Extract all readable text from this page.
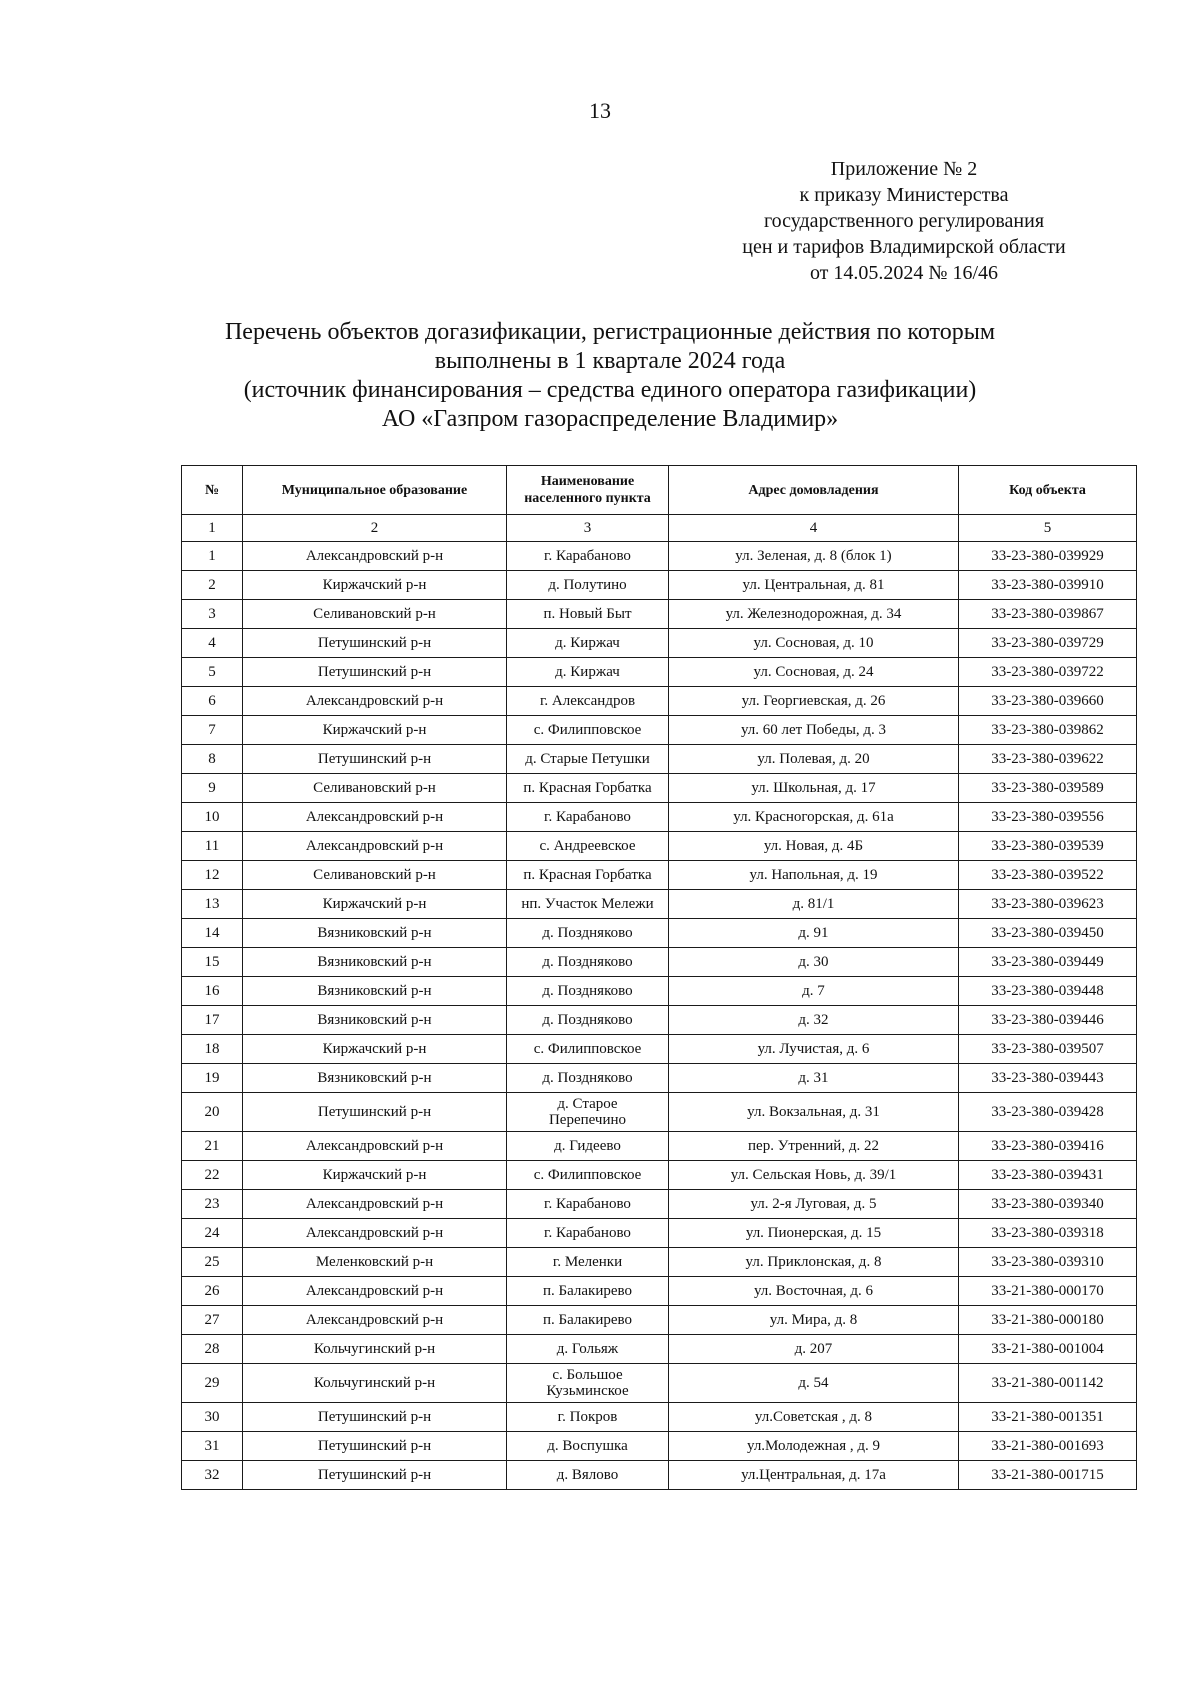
13
Приложение № 2
к приказу Министерства
государственного регулирования
цен и тарифов Владимирской области
от 14.05.2024 № 16/46
Перечень объектов догазификации, регистрационные действия по которым
выполнены в 1 квартале 2024 года
(источник финансирования – средства единого оператора газификации)
АО «Газпром газораспределение Владимир»
№	Муниципальное образование	Наименование населенного пункта	Адрес домовладения	Код объекта
1	2	3	4	5
1	Александровский р-н	г. Карабаново	ул. Зеленая, д. 8 (блок 1)	33-23-380-039929
2	Киржачский р-н	д. Полутино	ул. Центральная, д. 81	33-23-380-039910
3	Селивановский р-н	п. Новый Быт	ул. Железнодорожная, д. 34	33-23-380-039867
4	Петушинский р-н	д. Киржач	ул. Сосновая, д. 10	33-23-380-039729
5	Петушинский р-н	д. Киржач	ул. Сосновая, д. 24	33-23-380-039722
6	Александровский р-н	г. Александров	ул. Георгиевская, д. 26	33-23-380-039660
7	Киржачский р-н	с. Филипповское	ул. 60 лет Победы, д. 3	33-23-380-039862
8	Петушинский р-н	д. Старые Петушки	ул. Полевая, д. 20	33-23-380-039622
9	Селивановский р-н	п. Красная Горбатка	ул. Школьная, д. 17	33-23-380-039589
10	Александровский р-н	г. Карабаново	ул. Красногорская, д. 61а	33-23-380-039556
11	Александровский р-н	с. Андреевское	ул. Новая, д. 4Б	33-23-380-039539
12	Селивановский р-н	п. Красная Горбатка	ул. Напольная, д. 19	33-23-380-039522
13	Киржачский р-н	нп. Участок Мележи	д. 81/1	33-23-380-039623
14	Вязниковский р-н	д. Поздняково	д. 91	33-23-380-039450
15	Вязниковский р-н	д. Поздняково	д. 30	33-23-380-039449
16	Вязниковский р-н	д. Поздняково	д. 7	33-23-380-039448
17	Вязниковский р-н	д. Поздняково	д. 32	33-23-380-039446
18	Киржачский р-н	с. Филипповское	ул. Лучистая, д. 6	33-23-380-039507
19	Вязниковский р-н	д. Поздняково	д. 31	33-23-380-039443
20	Петушинский р-н	д. Старое Перепечино	ул. Вокзальная, д. 31	33-23-380-039428
21	Александровский р-н	д. Гидеево	пер. Утренний, д. 22	33-23-380-039416
22	Киржачский р-н	с. Филипповское	ул. Сельская Новь, д. 39/1	33-23-380-039431
23	Александровский р-н	г. Карабаново	ул. 2-я Луговая, д. 5	33-23-380-039340
24	Александровский р-н	г. Карабаново	ул. Пионерская, д. 15	33-23-380-039318
25	Меленковский р-н	г. Меленки	ул. Приклонская, д. 8	33-23-380-039310
26	Александровский р-н	п. Балакирево	ул. Восточная, д. 6	33-21-380-000170
27	Александровский р-н	п. Балакирево	ул. Мира, д. 8	33-21-380-000180
28	Кольчугинский р-н	д. Гольяж	д. 207	33-21-380-001004
29	Кольчугинский р-н	с. Большое Кузьминское	д. 54	33-21-380-001142
30	Петушинский р-н	г. Покров	ул.Советская , д. 8	33-21-380-001351
31	Петушинский р-н	д. Воспушка	ул.Молодежная , д. 9	33-21-380-001693
32	Петушинский р-н	д. Вялово	ул.Центральная, д. 17а	33-21-380-001715
